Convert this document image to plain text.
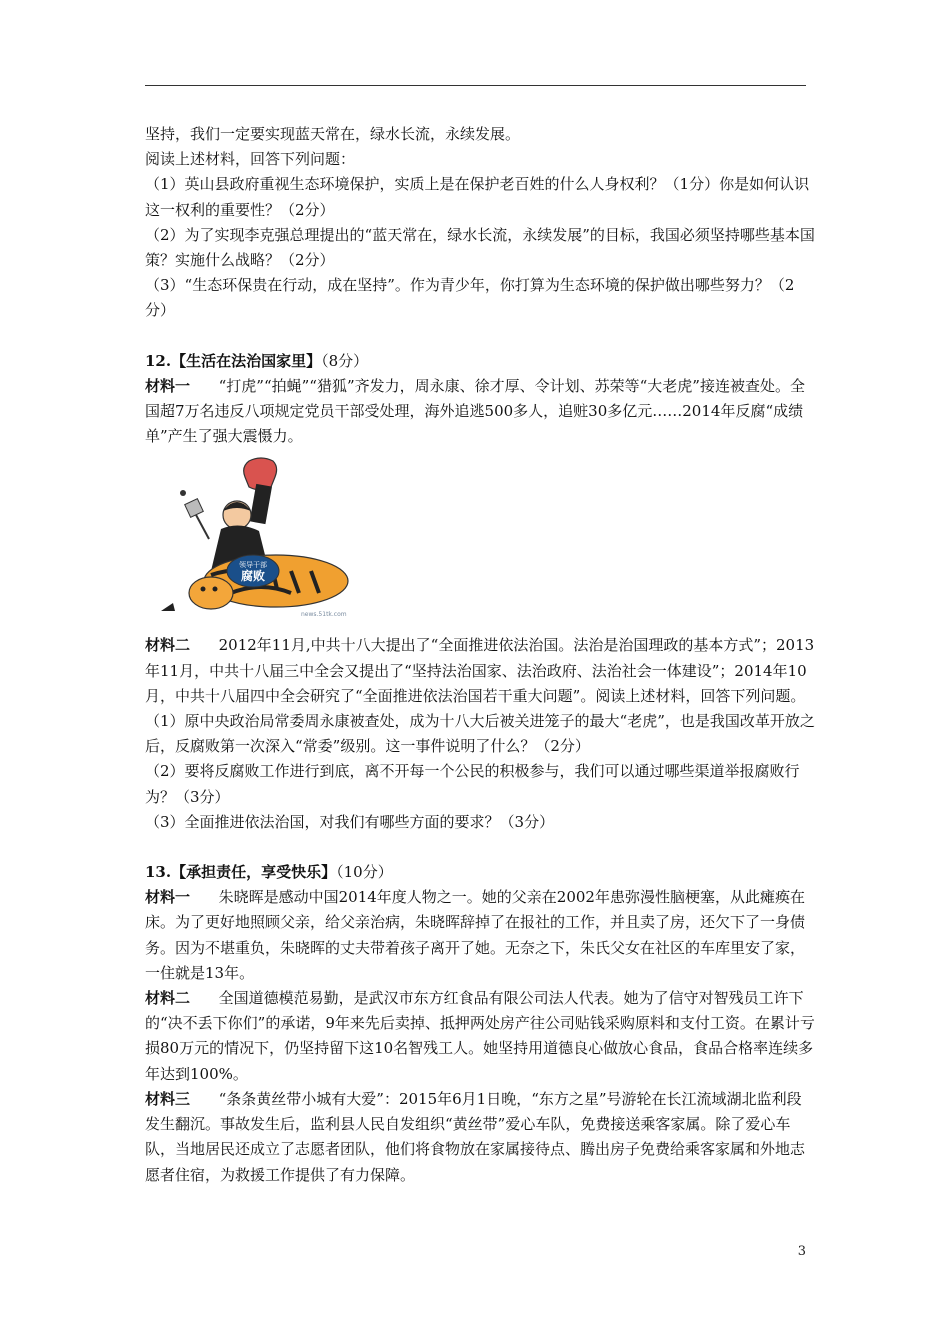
坚持，我们一定要实现蓝天常在，绿水长流，永续发展。

阅读上述材料，回答下列问题：

（1）英山县政府重视生态环境保护，实质上是在保护老百姓的什么人身权利？（1分）你是如何认识这一权利的重要性？（2分）

（2）为了实现李克强总理提出的“蓝天常在，绿水长流，永续发展”的目标，我国必须坚持哪些基本国策？实施什么战略？（2分）

（3）“生态环保贵在行动，成在坚持”。作为青少年，你打算为生态环境的保护做出哪些努力？（2分）

12.【生活在法治国家里】（8分）

材料一 “打虎”“拍蝇”“猎狐”齐发力，周永康、徐才厚、令计划、苏荣等“大老虎”接连被查处。全国超7万名违反八项规定党员干部受处理，海外追逃500多人，追赃30多亿元……2014年反腐“成绩单”产生了强大震慑力。

领导干部
腐败
news.51tk.com

材料二 2012年11月,中共十八大提出了“全面推进依法治国。法治是治国理政的基本方式”；2013年11月，中共十八届三中全会又提出了“坚持法治国家、法治政府、法治社会一体建设”；2014年10月，中共十八届四中全会研究了“全面推进依法治国若干重大问题”。阅读上述材料，回答下列问题。

（1）原中央政治局常委周永康被查处，成为十八大后被关进笼子的最大“老虎”，也是我国改革开放之后，反腐败第一次深入“常委”级别。这一事件说明了什么？（2分）

（2）要将反腐败工作进行到底，离不开每一个公民的积极参与，我们可以通过哪些渠道举报腐败行为？（3分）

（3）全面推进依法治国，对我们有哪些方面的要求？（3分）

13.【承担责任，享受快乐】（10分）

材料一 朱晓晖是感动中国2014年度人物之一。她的父亲在2002年患弥漫性脑梗塞，从此瘫痪在床。为了更好地照顾父亲，给父亲治病，朱晓晖辞掉了在报社的工作，并且卖了房，还欠下了一身债务。因为不堪重负，朱晓晖的丈夫带着孩子离开了她。无奈之下，朱氏父女在社区的车库里安了家，一住就是13年。

材料二 全国道德模范易勤，是武汉市东方红食品有限公司法人代表。她为了信守对智残员工许下的“决不丢下你们”的承诺，9年来先后卖掉、抵押两处房产往公司贴钱采购原料和支付工资。在累计亏损80万元的情况下，仍坚持留下这10名智残工人。她坚持用道德良心做放心食品，食品合格率连续多年达到100%。

材料三 “条条黄丝带小城有大爱”：2015年6月1日晚，“东方之星”号游轮在长江流域湖北监利段发生翻沉。事故发生后，监利县人民自发组织“黄丝带”爱心车队，免费接送乘客家属。除了爱心车队，当地居民还成立了志愿者团队，他们将食物放在家属接待点、腾出房子免费给乘客家属和外地志愿者住宿，为救援工作提供了有力保障。

3
